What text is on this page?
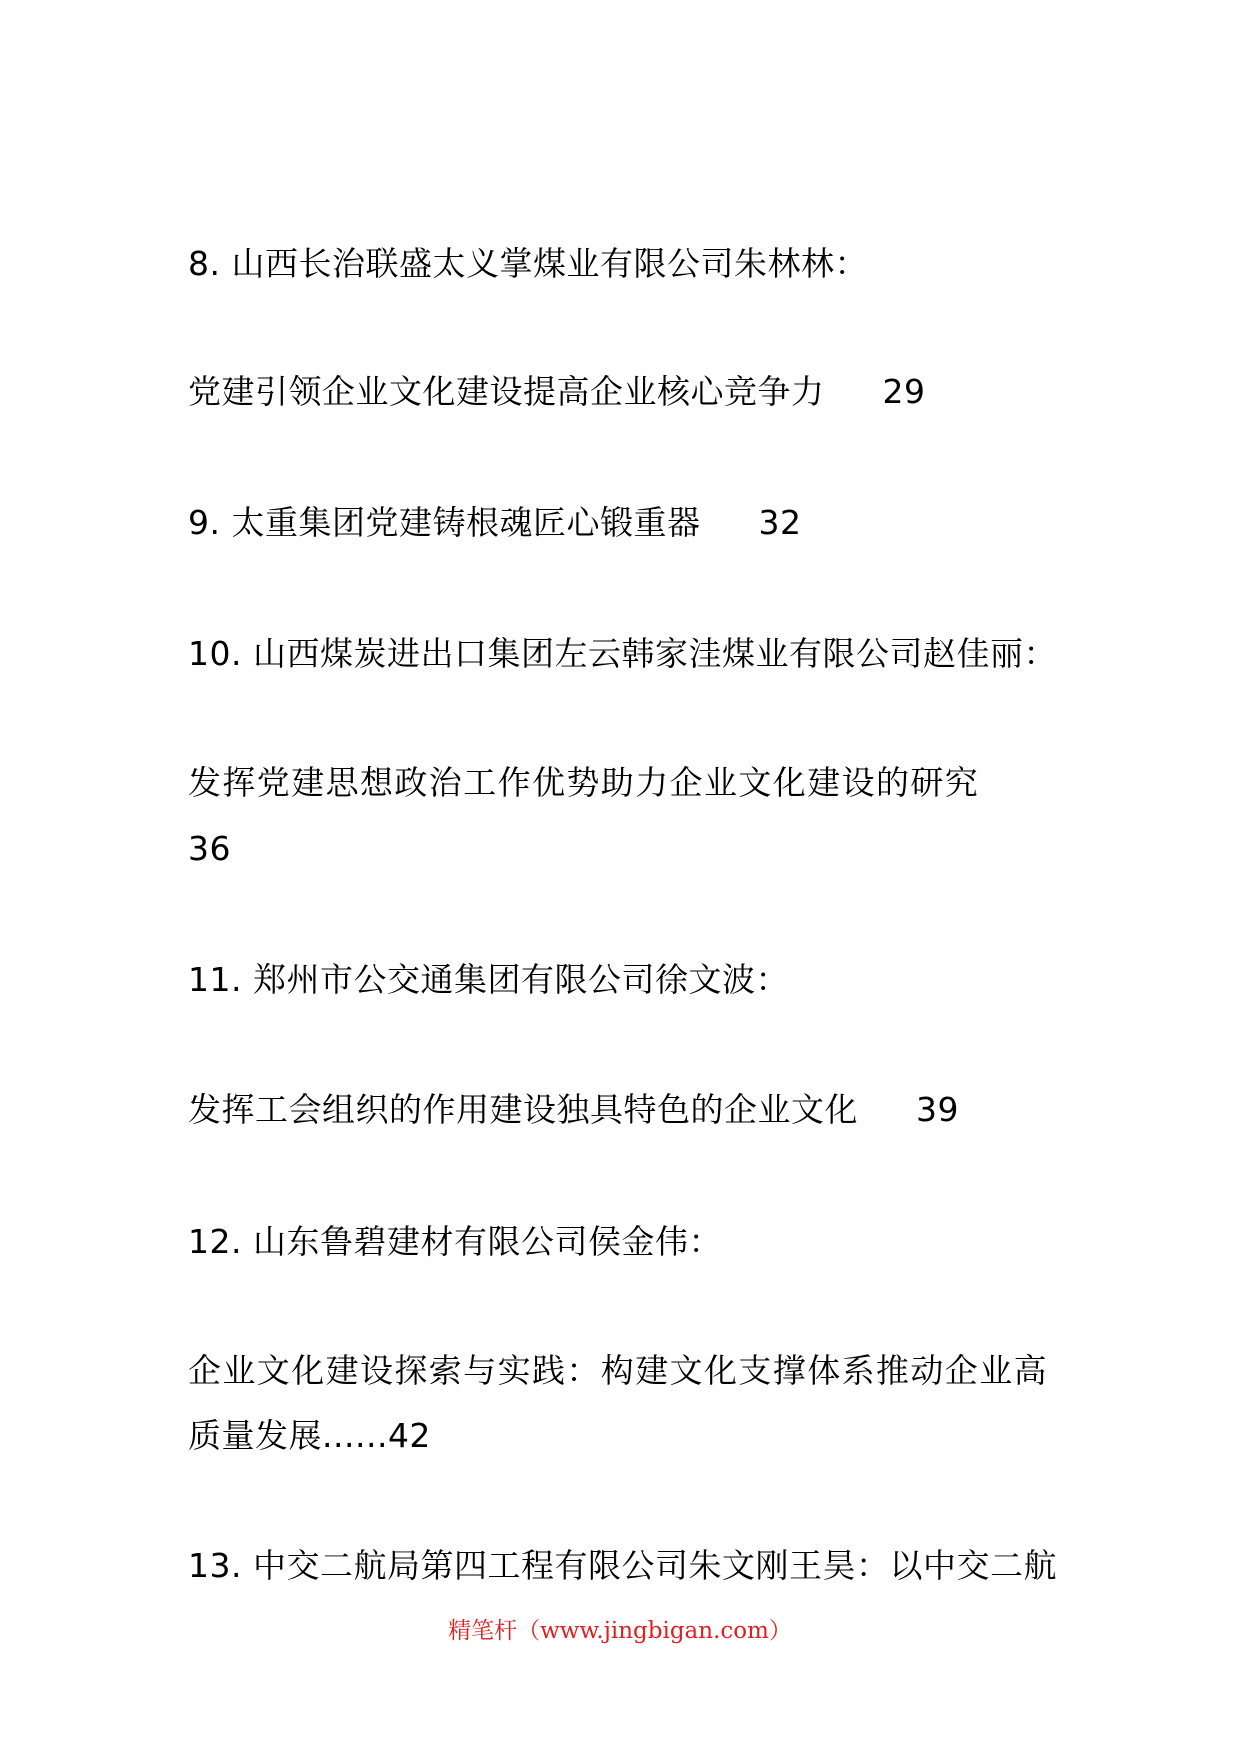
8. 山西长治联盛太义掌煤业有限公司朱林林：
党建引领企业文化建设提高企业核心竞争力 29
9. 太重集团党建铸根魂匠心锻重器 32
10. 山西煤炭进出口集团左云韩家洼煤业有限公司赵佳丽：
发挥党建思想政治工作优势助力企业文化建设的研究
36
11. 郑州市公交通集团有限公司徐文波：
发挥工会组织的作用建设独具特色的企业文化 39
12. 山东鲁碧建材有限公司侯金伟：
企业文化建设探索与实践：构建文化支撑体系推动企业高
质量发展......42
13. 中交二航局第四工程有限公司朱文刚王昊：以中交二航
精笔杆（www.jingbigan.com）
